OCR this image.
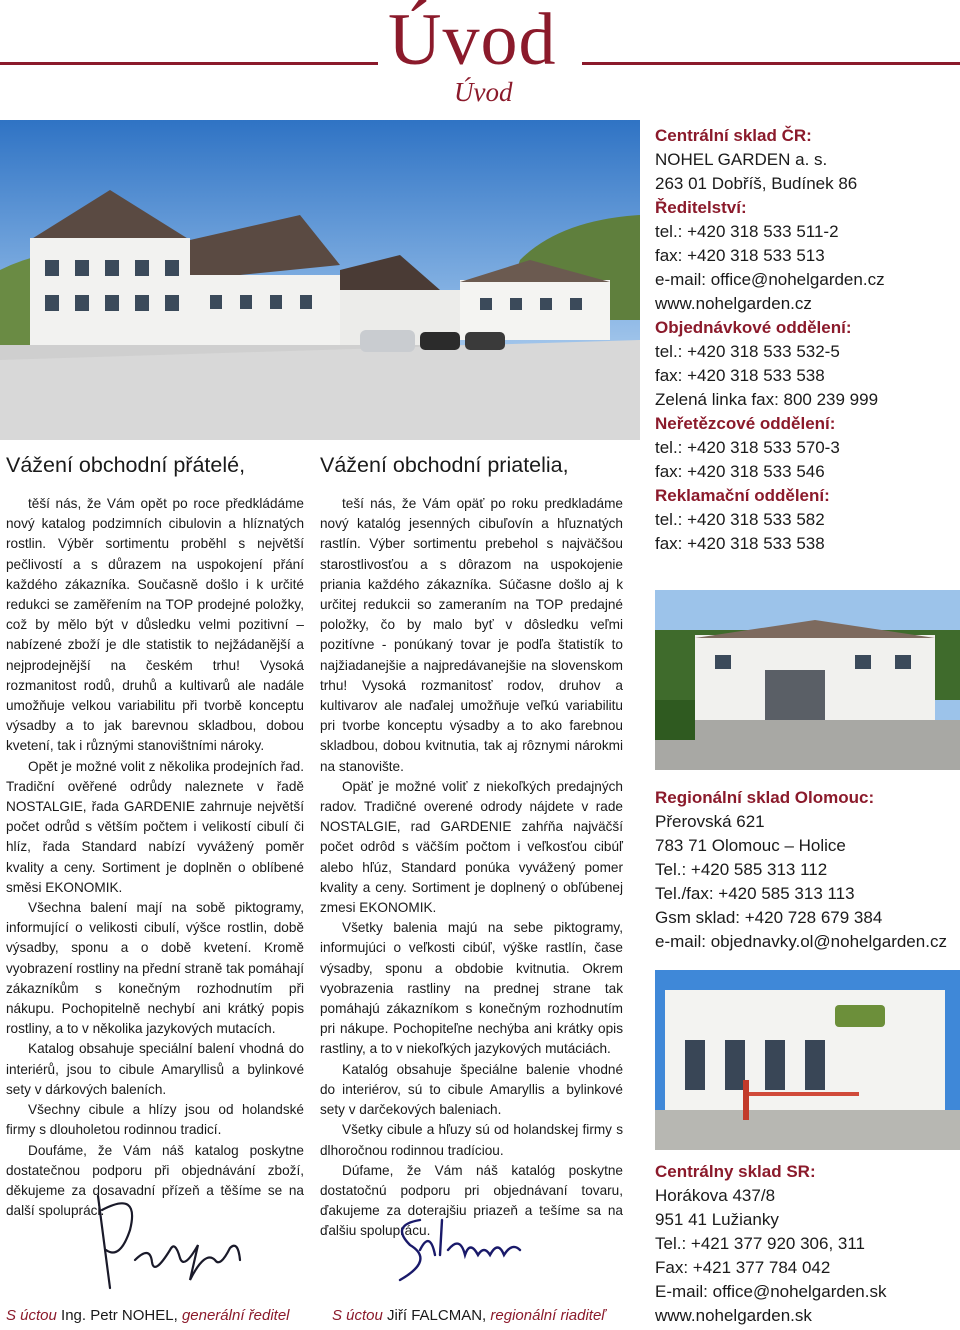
Úvod
Úvod
Vážení obchodní přátelé,

těší nás, že Vám opět po roce předkládáme nový katalog podzimních cibulovin a hlíznatých rostlin. Výběr sortimentu proběhl s největší pečlivostí a s důrazem na uspokojení přání každého zákazníka. Současně došlo i k určité redukci se zaměřením na TOP prodejné položky, což by mělo být v důsledku velmi pozitivní – nabízené zboží je dle statistik to nejžádanější a nejprodejnější na českém trhu! Vysoká rozmanitost rodů, druhů a kultivarů ale nadále umožňuje velkou variabilitu při tvorbě konceptu výsadby a to jak barevnou skladbou, dobou kvetení, tak i různými stanovištními nároky.

Opět je možné volit z několika prodejních řad. Tradiční ověřené odrůdy naleznete v řadě NOSTALGIE, řada GARDENIE zahrnuje největší počet odrůd s větším počtem i velikostí cibulí či hlíz, řada Standard nabízí vyvážený poměr kvality a ceny. Sortiment je doplněn o oblíbené směsi EKONOMIK.

Všechna balení mají na sobě piktogramy, informující o velikosti cibulí, výšce rostlin, době výsadby, sponu a o době kvetení. Kromě vyobrazení rostliny na přední straně tak pomáhají zákazníkům s konečným rozhodnutím při nákupu. Pochopitelně nechybí ani krátký popis rostliny, a to v několika jazykových mutacích.

Katalog obsahuje speciální balení vhodná do interiérů, jsou to cibule Amaryllisů a bylinkové sety v dárkových baleních.

Všechny cibule a hlízy jsou od holandské firmy s dlouholetou rodinnou tradicí.

Doufáme, že Vám náš katalog poskytne dostatečnou podporu při objednávání zboží, děkujeme za dosavadní přízeň a těšíme se na další spolupráci.

Vážení obchodní priatelia,

teší nás, že Vám opäť po roku predkladáme nový katalóg jesenných cibuľovín a hľuznatých rastlín. Výber sortimentu prebehol s najväčšou starostlivosťou a s dôrazom na uspokojenie priania každého zákazníka. Súčasne došlo aj k určitej redukcii so zameraním na TOP predajné položky, čo by malo byť v dôsledku veľmi pozitívne - ponúkaný tovar je podľa štatistík to najžiadanejšie a najpredávanejšie na slovenskom trhu! Vysoká rozmanitosť rodov, druhov a kultivarov ale naďalej umožňuje veľkú variabilitu pri tvorbe konceptu výsadby a to ako farebnou skladbou, dobou kvitnutia, tak aj rôznymi nárokmi na stanovište.

Opäť je možné voliť z niekoľkých predajných radov. Tradičné overené odrody nájdete v rade NOSTALGIE, rad GARDENIE zahŕňa najväčší počet odrôd s väčším počtom i veľkosťou cibúľ alebo hľúz, Standard ponúka vyvážený pomer kvality a ceny. Sortiment je doplnený o obľúbenej zmesi EKONOMIK.

Všetky balenia majú na sebe piktogramy, informujúci o veľkosti cibúľ, výške rastlín, čase výsadby, sponu a obdobie kvitnutia. Okrem vyobrazenia rastliny na prednej strane tak pomáhajú zákazníkom s konečným rozhodnutím pri nákupe. Pochopiteľne nechýba ani krátky opis rastliny, a to v niekoľkých jazykových mutáciách.

Katalóg obsahuje špeciálne balenie vhodné do interiérov, sú to cibule Amaryllis a bylinkové sety v darčekových baleniach.

Všetky cibule a hľuzy sú od holandskej firmy s dlhoročnou rodinnou tradíciou.

Dúfame, že Vám náš katalóg poskytne dostatočnú podporu pri objednávaní tovaru, ďakujeme za doterajšiu priazeň a tešíme sa na ďalšiu spoluprácu.

S úctou Ing. Petr NOHEL, generální ředitel	S úctou Jiří FALCMAN, regionální riaditeľ
Centrální sklad ČR:
NOHEL GARDEN a. s.
263 01 Dobříš, Budínek 86
Ředitelství:
tel.: +420 318 533 511-2
fax: +420 318 533 513
e-mail: office@nohelgarden.cz
www.nohelgarden.cz
Objednávkové oddělení:
tel.: +420 318 533 532-5
fax: +420 318 533 538
Zelená linka fax: 800 239 999
Neřetězcové oddělení:
tel.: +420 318 533 570-3
fax: +420 318 533 546
Reklamační oddělení:
tel.: +420 318 533 582
fax: +420 318 533 538
Regionální sklad Olomouc:
Přerovská 621
783 71 Olomouc – Holice
Tel.: +420 585 313 112
Tel./fax: +420 585 313 113
Gsm sklad: +420 728 679 384
e-mail: objednavky.ol@nohelgarden.cz
Centrálny sklad SR:
Horákova 437/8
951 41 Lužianky
Tel.: +421 377 920 306, 311
Fax: +421 377 784 042
E-mail: office@nohelgarden.sk
www.nohelgarden.sk
